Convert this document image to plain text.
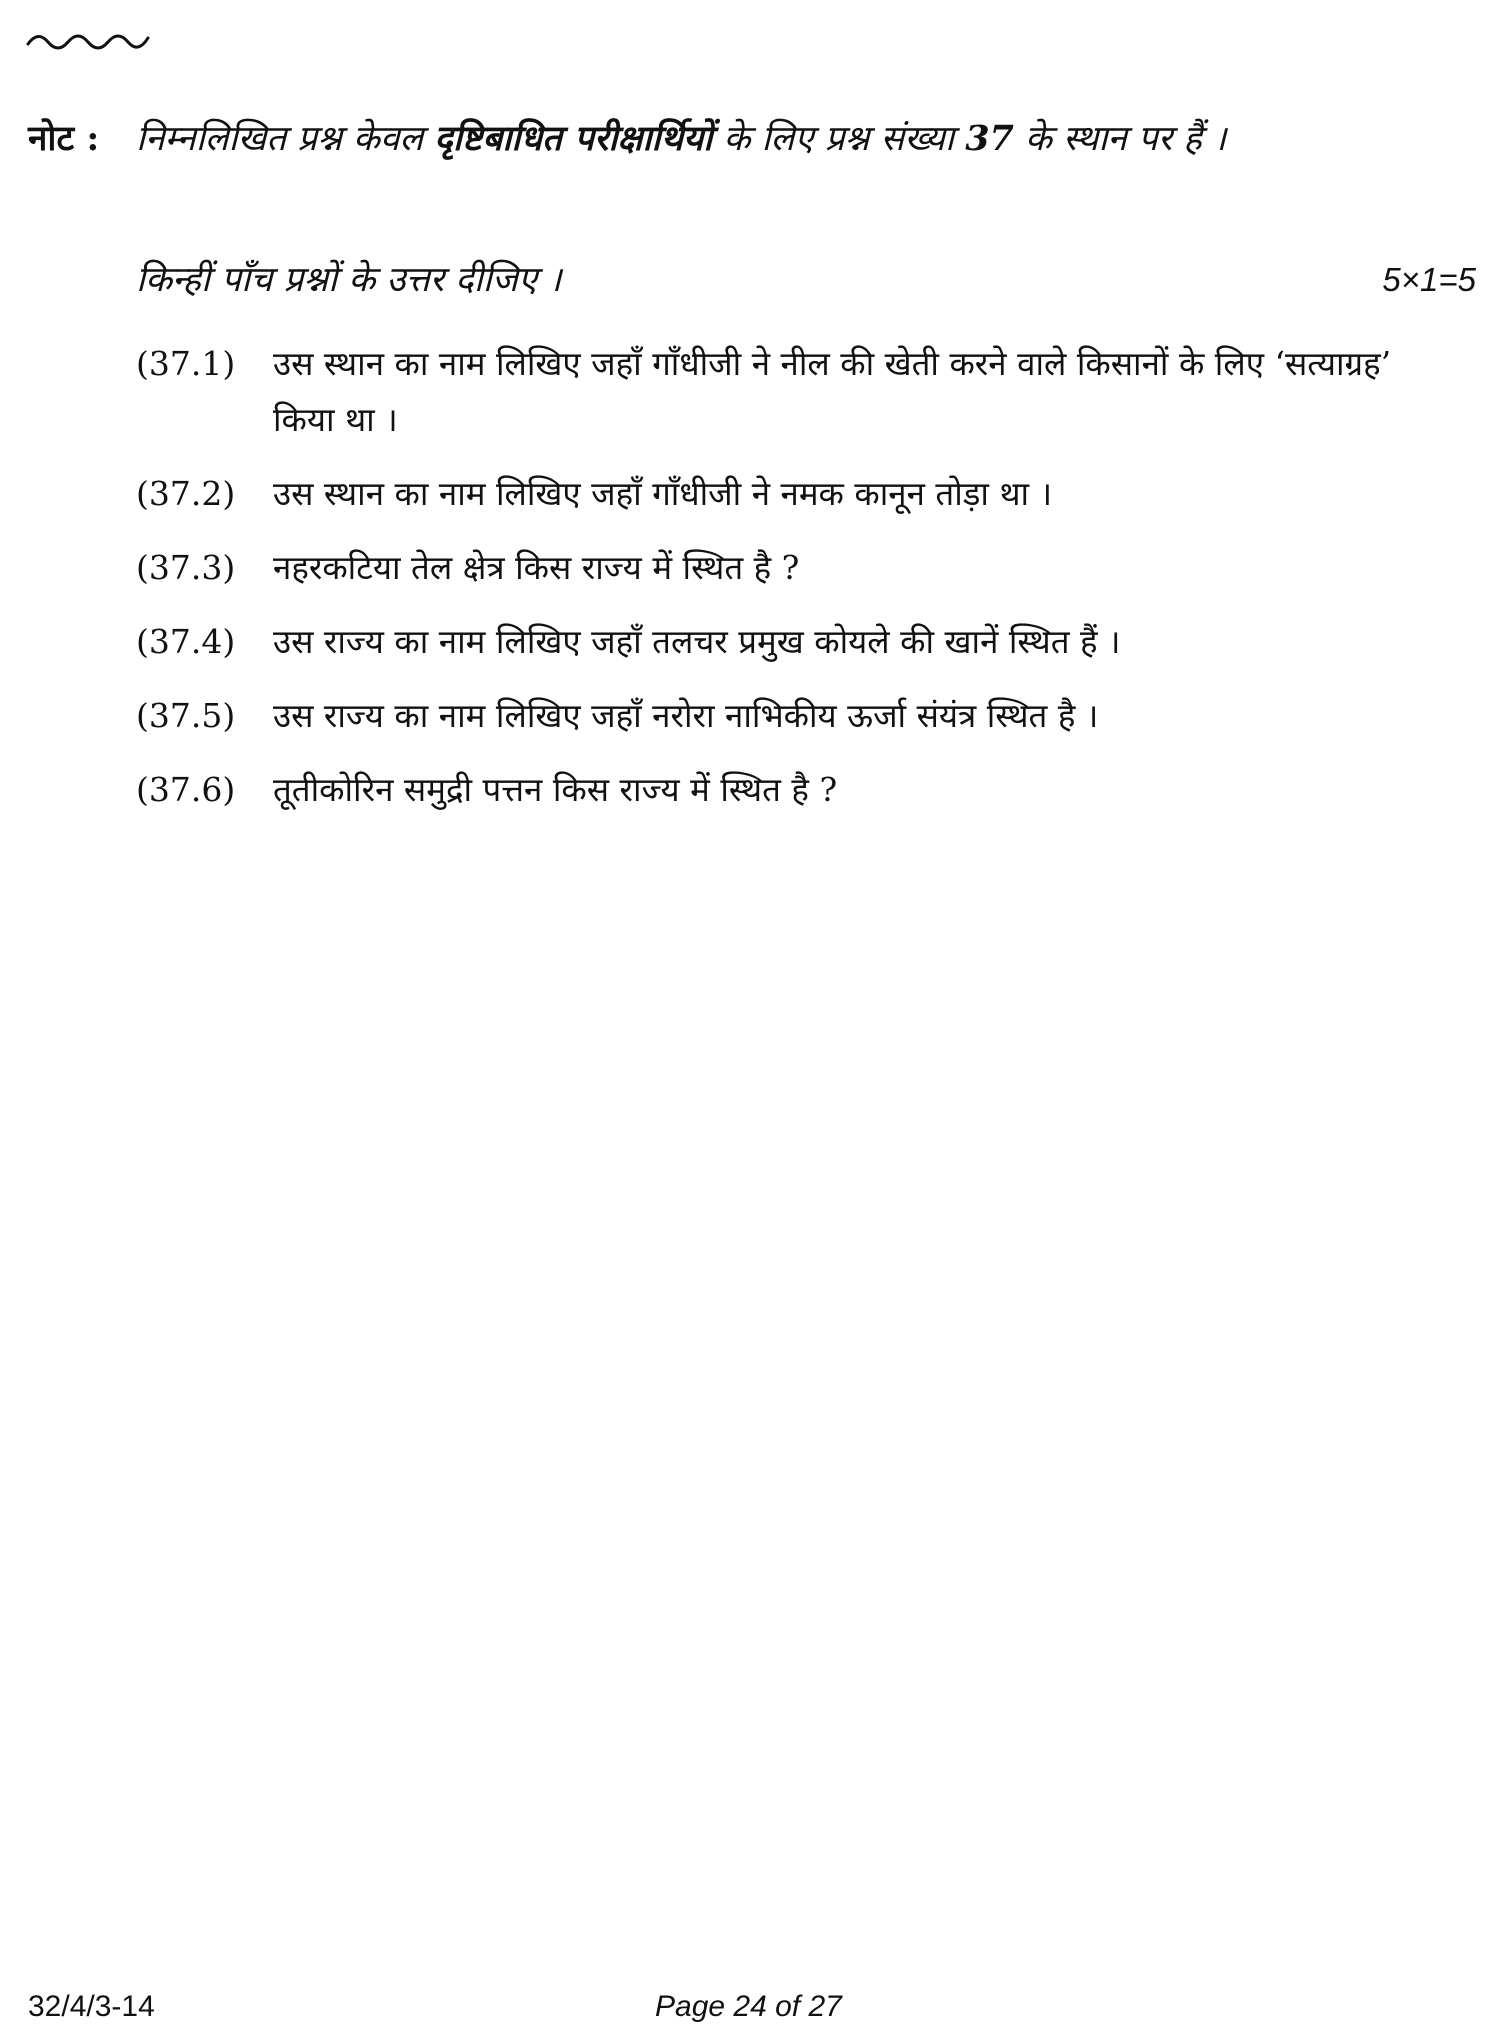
नोट : निम्नलिखित प्रश्न केवल दृष्टिबाधित परीक्षार्थियों के लिए प्रश्न संख्या 37 के स्थान पर हैं ।
किन्हीं पाँच प्रश्नों के उत्तर दीजिए ।	5×1=5
(37.1)	उस स्थान का नाम लिखिए जहाँ गाँधीजी ने नील की खेती करने वाले किसानों के लिए ‘सत्याग्रह’ किया था ।
(37.2)	उस स्थान का नाम लिखिए जहाँ गाँधीजी ने नमक कानून तोड़ा था ।
(37.3)	नहरकटिया तेल क्षेत्र किस राज्य में स्थित है ?
(37.4)	उस राज्य का नाम लिखिए जहाँ तलचर प्रमुख कोयले की खानें स्थित हैं ।
(37.5)	उस राज्य का नाम लिखिए जहाँ नरोरा नाभिकीय ऊर्जा संयंत्र स्थित है ।
(37.6)	तूतीकोरिन समुद्री पत्तन किस राज्य में स्थित है ?
32/4/3-14	Page 24 of 27
